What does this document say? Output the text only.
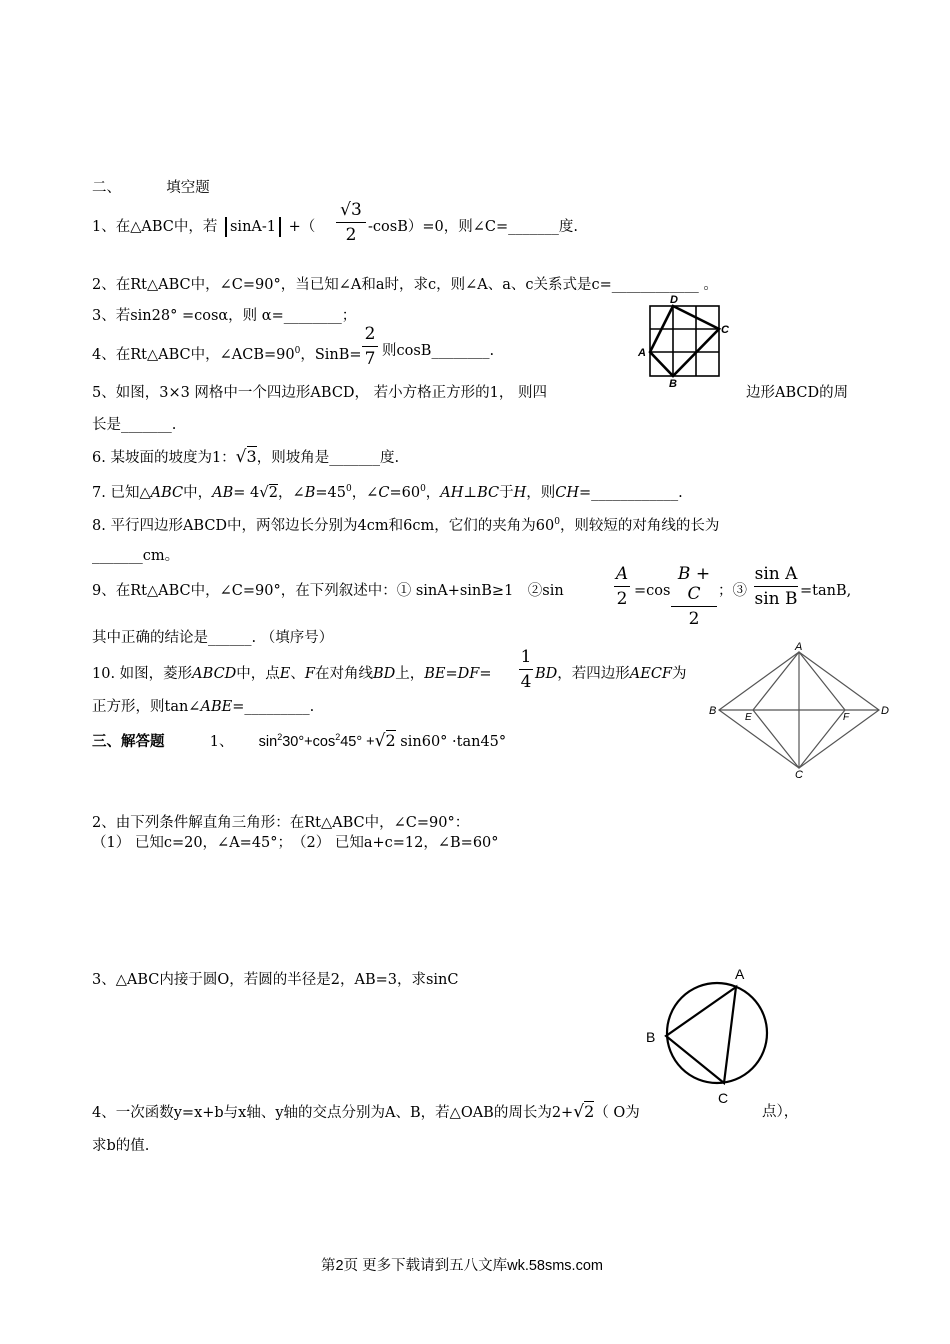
二、	填空题
1、在△ABC中，若 sinA-1 +（
√3
2 -cosB）=0，则∠C=_______度.
2、在Rt△ABC中，∠C=90°，当已知∠A和a时，求c，则∠A、a、c关系式是c=____________ 。
3、若sin28° =cosα，则 α=________；
4、在Rt△ABC中，$\angle ACB=90^0$，SinB=
2
7 则cosB________.
D
C
A
B
5、如图，3×3 网格中一个四边形ABCD， 若小方格正方形的1， 则四	边形ABCD的周
长是_______.
6. 某坡面的坡度为1：√3，则坡角是_______度.
7. 已知△ABC中，AB= 4√2，$\angle B=45^0$，$\angle C=60^0$，AH⊥BC于H，则CH=____________.
8. 平行四边形ABCD中，两邻边长分别为4cm和6cm，它们的夹角为$60^0$，则较短的对角线的长为
_______cm。
9、在Rt△ABC中，∠C=90°，在下列叙述中：① sinA+sinB≥1　②sin
A
2 =cos
B + C
2
；③
sin A
sin B =tanB,
其中正确的结论是______. （填序号）
10. 如图，菱形ABCD中，点E、F在对角线BD上，BE=DF=
1
4 BD，若四边形AECF为
正方形，则tan∠ABE=_________.
A
B
E	F
D
C
三、解答题	1、 $\sin^230^\circ+\cos^245^\circ +√2$ sin60° ·tan45°
2、由下列条件解直角三角形：在Rt△ABC中，∠C=90°：
（1） 已知c=20，∠A=45°；　（2） 已知a+c=12，∠B=60°
3、△ABC内接于圆O，若圆的半径是2，AB=3，求sinC	A
B
C
4、一次函数y=x+b与x轴、y轴的交点分别为A、B，若△OAB的周长为2+√2（ O为	点），
求b的值.
第2页 更多下载请到五八文库wk.58sms.com
